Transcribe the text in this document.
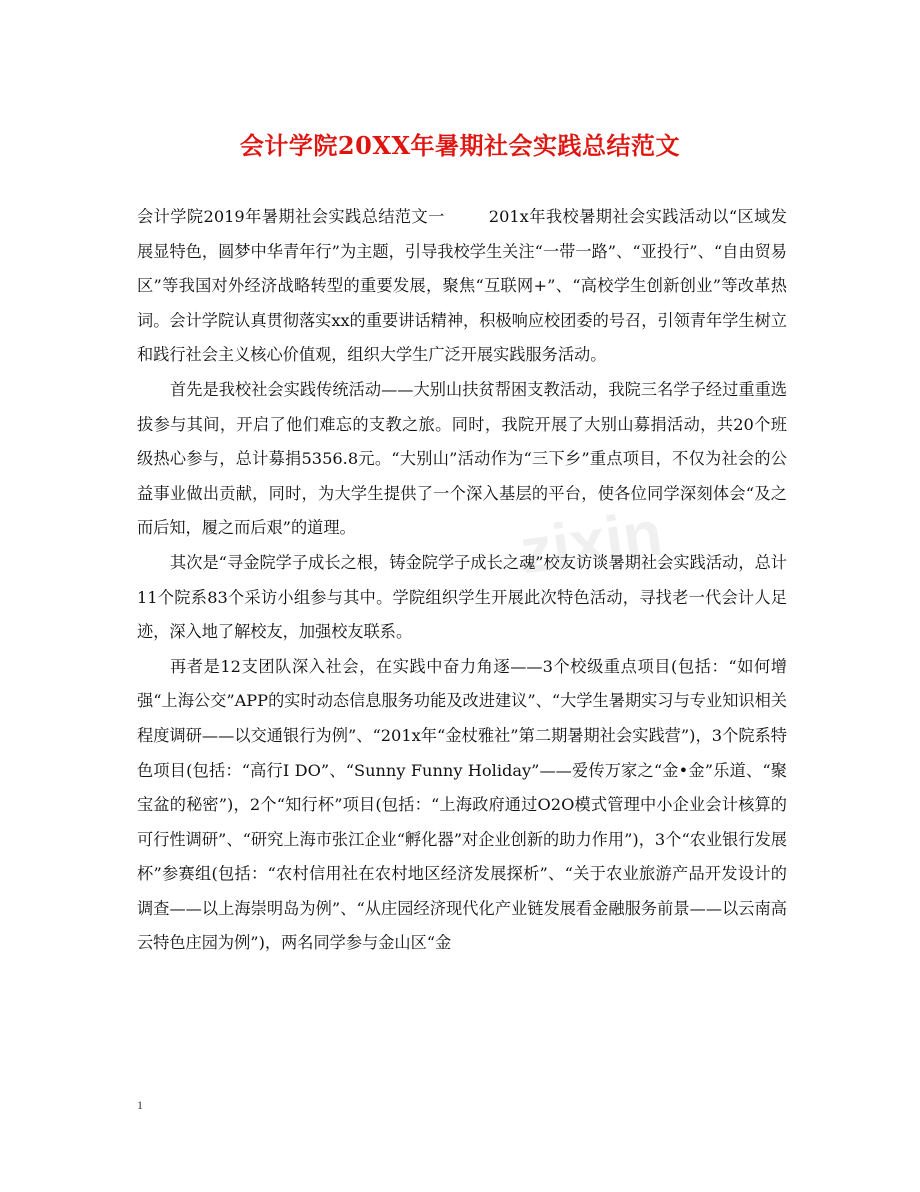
zixin
会计学院20XX年暑期社会实践总结范文

会计学院2019年暑期社会实践总结范文一	201x年我校暑期社会实践活动以“区域发展显特色，圆梦中华青年行”为主题，引导我校学生关注“一带一路”、“亚投行”、“自由贸易区”等我国对外经济战略转型的重要发展，聚焦“互联网+”、“高校学生创新创业”等改革热词。会计学院认真贯彻落实xx的重要讲话精神，积极响应校团委的号召，引领青年学生树立和践行社会主义核心价值观，组织大学生广泛开展实践服务活动。

首先是我校社会实践传统活动——大别山扶贫帮困支教活动，我院三名学子经过重重选拔参与其间，开启了他们难忘的支教之旅。同时，我院开展了大别山募捐活动，共20个班级热心参与，总计募捐5356.8元。“大别山”活动作为“三下乡”重点项目，不仅为社会的公益事业做出贡献，同时，为大学生提供了一个深入基层的平台，使各位同学深刻体会“及之而后知，履之而后艰”的道理。

其次是“寻金院学子成长之根，铸金院学子成长之魂”校友访谈暑期社会实践活动，总计11个院系83个采访小组参与其中。学院组织学生开展此次特色活动，寻找老一代会计人足迹，深入地了解校友，加强校友联系。

再者是12支团队深入社会，在实践中奋力角逐——3个校级重点项目(包括：“如何增强“上海公交”APP的实时动态信息服务功能及改进建议”、“大学生暑期实习与专业知识相关程度调研——以交通银行为例”、“201x年“金杖雅社”第二期暑期社会实践营”)，3个院系特色项目(包括：“高行I DO”、“Sunny Funny Holiday”——爱传万家之“金•金”乐道、“聚宝盆的秘密”)，2个“知行杯”项目(包括：“上海政府通过O2O模式管理中小企业会计核算的可行性调研”、“研究上海市张江企业“孵化器”对企业创新的助力作用”)，3个“农业银行发展杯”参赛组(包括：“农村信用社在农村地区经济发展探析”、“关于农业旅游产品开发设计的调查——以上海崇明岛为例”、“从庄园经济现代化产业链发展看金融服务前景——以云南高云特色庄园为例”)，两名同学参与金山区“金

1
